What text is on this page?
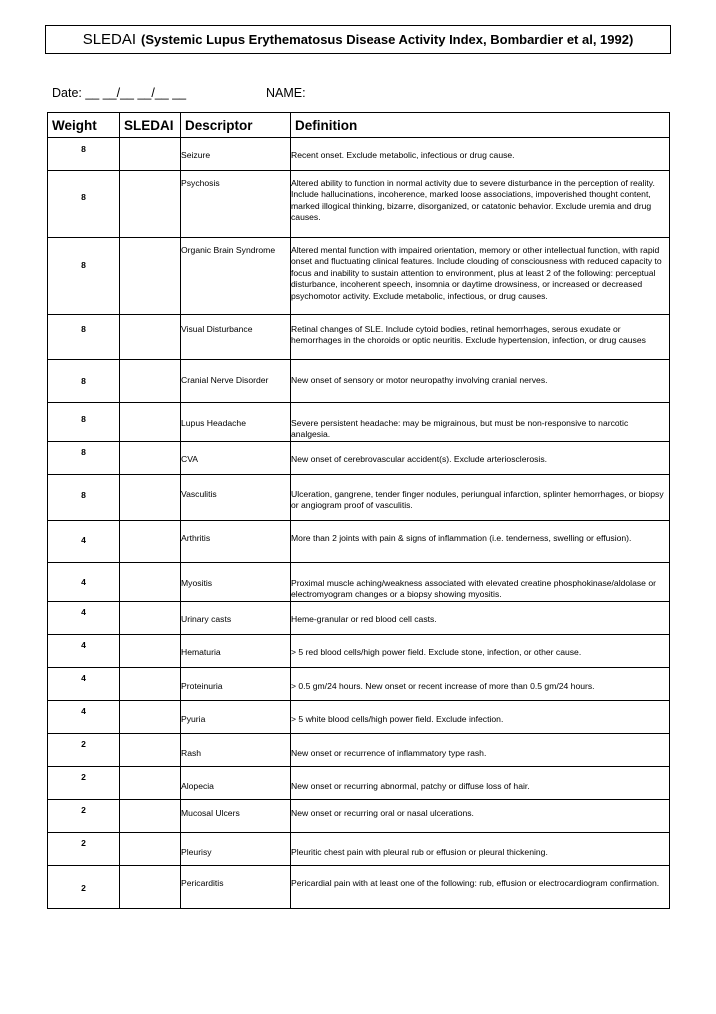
SLEDAI (Systemic Lupus Erythematosus Disease Activity Index, Bombardier et al, 1992)
Date: __ __/__ __/__ __	NAME:
Weight	SLEDAI	Descriptor	Definition
8		Seizure	Recent onset. Exclude metabolic, infectious or drug cause.
8		Psychosis	Altered ability to function in normal activity due to severe disturbance in the perception of reality. Include hallucinations, incoherence, marked loose associations, impoverished thought content, marked illogical thinking, bizarre, disorganized, or catatonic behavior. Exclude uremia and drug causes.
8		Organic Brain Syndrome	Altered mental function with impaired orientation, memory or other intellectual function, with rapid onset and fluctuating clinical features. Include clouding of consciousness with reduced capacity to focus and inability to sustain attention to environment, plus at least 2 of the following: perceptual disturbance, incoherent speech, insomnia or daytime drowsiness, or increased or decreased psychomotor activity. Exclude metabolic, infectious, or drug causes.
8		Visual Disturbance	Retinal changes of SLE. Include cytoid bodies, retinal hemorrhages, serous exudate or hemorrhages in the choroids or optic neuritis. Exclude hypertension, infection, or drug causes
8		Cranial Nerve Disorder	New onset of sensory or motor neuropathy involving cranial nerves.
8		Lupus Headache	Severe persistent headache: may be migrainous, but must be non-responsive to narcotic analgesia.
8		CVA	New onset of cerebrovascular accident(s). Exclude arteriosclerosis.
8		Vasculitis	Ulceration, gangrene, tender finger nodules, periungual infarction, splinter hemorrhages, or biopsy or angiogram proof of vasculitis.
4		Arthritis	More than 2 joints with pain & signs of inflammation (i.e. tenderness, swelling or effusion).
4		Myositis	Proximal muscle aching/weakness associated with elevated creatine phosphokinase/aldolase or electromyogram changes or a biopsy showing myositis.
4		Urinary casts	Heme-granular or red blood cell casts.
4		Hematuria	> 5 red blood cells/high power field. Exclude stone, infection, or other cause.
4		Proteinuria	> 0.5 gm/24 hours. New onset or recent increase of more than 0.5 gm/24 hours.
4		Pyuria	> 5 white blood cells/high power field. Exclude infection.
2		Rash	New onset or recurrence of inflammatory type rash.
2		Alopecia	New onset or recurring abnormal, patchy or diffuse loss of hair.
2		Mucosal Ulcers	New onset or recurring oral or nasal ulcerations.
2		Pleurisy	Pleuritic chest pain with pleural rub or effusion or pleural thickening.
2		Pericarditis	Pericardial pain with at least one of the following: rub, effusion or electrocardiogram confirmation.
